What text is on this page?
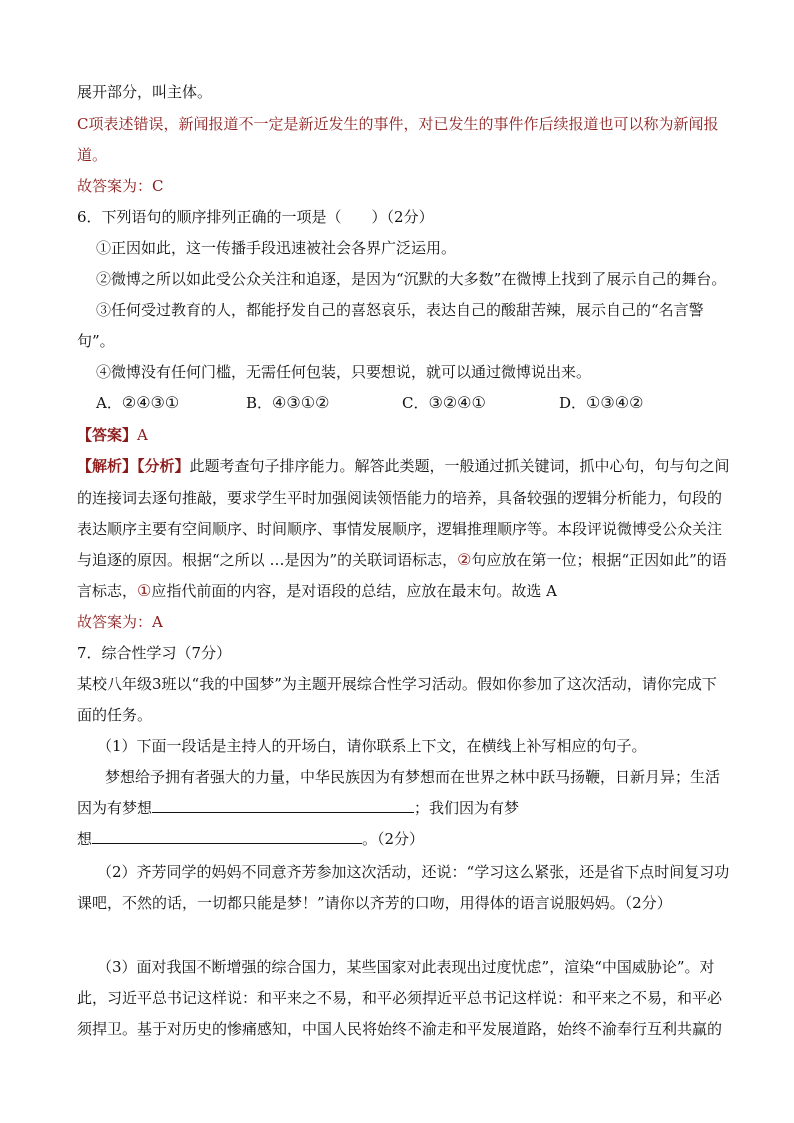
展开部分，叫主体。
C项表述错误，新闻报道不一定是新近发生的事件，对已发生的事件作后续报道也可以称为新闻报
道。
故答案为：C
6．下列语句的顺序排列正确的一项是（　　）（2分）
①正因如此，这一传播手段迅速被社会各界广泛运用。
②微博之所以如此受公众关注和追逐，是因为“沉默的大多数”在微博上找到了展示自己的舞台。
③任何受过教育的人，都能抒发自己的喜怒哀乐，表达自己的酸甜苦辣，展示自己的“名言警
句”。
④微博没有任何门槛，无需任何包装，只要想说，就可以通过微博说出来。
A．②④③①	B．④③①②	C．③②④①	D．①③④②
【答案】A
【解析】【分析】此题考查句子排序能力。解答此类题，一般通过抓关键词，抓中心句，句与句之间
的连接词去逐句推敲，要求学生平时加强阅读领悟能力的培养，具备较强的逻辑分析能力，句段的
表达顺序主要有空间顺序、时间顺序、事情发展顺序，逻辑推理顺序等。本段评说微博受公众关注
与追逐的原因。根据“之所以 …是因为”的关联词语标志，②句应放在第一位；根据“正因如此”的语
言标志，①应指代前面的内容，是对语段的总结，应放在最末句。故选 A
故答案为：A
7．综合性学习（7分）
某校八年级3班以“我的中国梦”为主题开展综合性学习活动。假如你参加了这次活动，请你完成下
面的任务。
（1）下面一段话是主持人的开场白，请你联系上下文，在横线上补写相应的句子。
梦想给予拥有者强大的力量，中华民族因为有梦想而在世界之林中跃马扬鞭，日新月异；生活
因为有梦想	；我们因为有梦
想	。（2分）
（2）齐芳同学的妈妈不同意齐芳参加这次活动，还说：“学习这么紧张，还是省下点时间复习功
课吧，不然的话，一切都只能是梦！”请你以齐芳的口吻，用得体的语言说服妈妈。（2分）
（3）面对我国不断增强的综合国力，某些国家对此表现出过度忧虑”，渲染“中国威胁论”。对
此，习近平总书记这样说：和平来之不易，和平必须捍近平总书记这样说：和平来之不易，和平必
须捍卫。基于对历史的惨痛感知，中国人民将始终不渝走和平发展道路，始终不渝奉行互利共赢的
